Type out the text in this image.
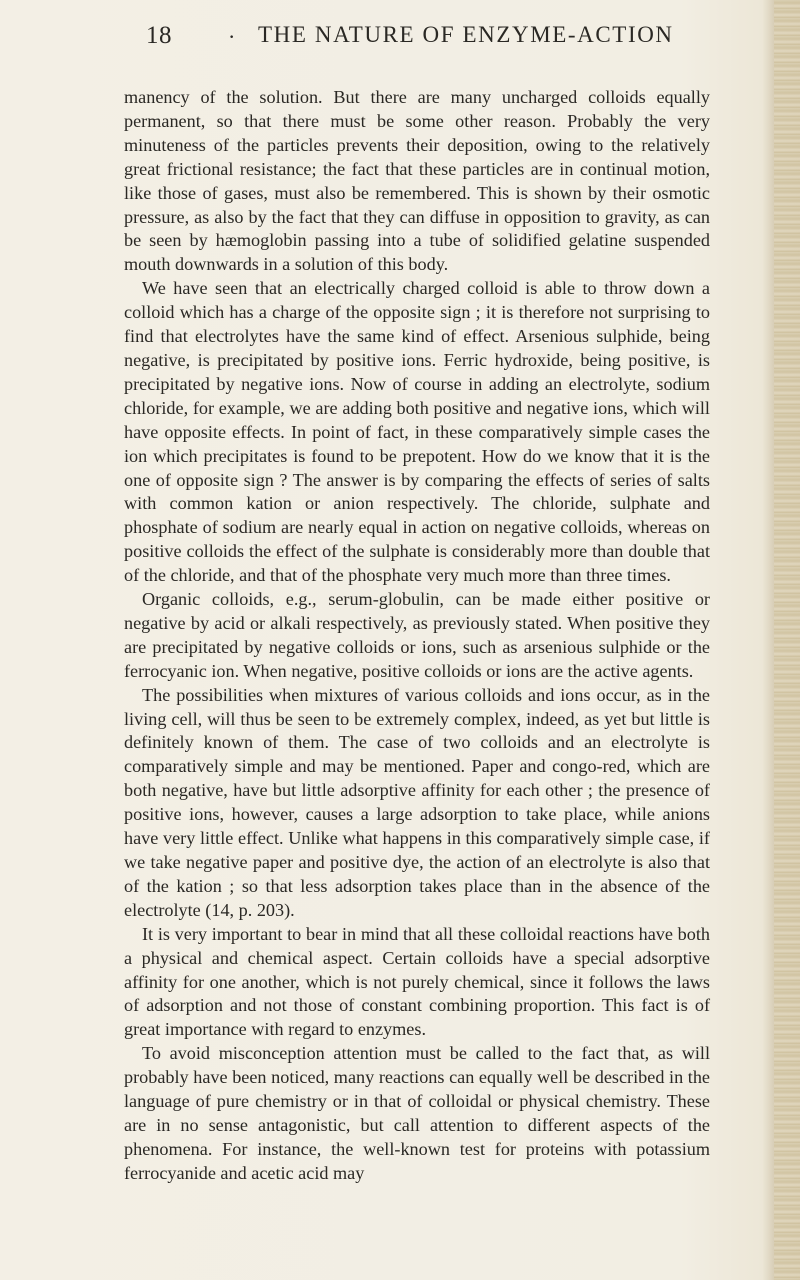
18	· THE NATURE OF ENZYME-ACTION

manency of the solution. But there are many uncharged colloids equally permanent, so that there must be some other reason. Probably the very minuteness of the particles prevents their deposition, owing to the relatively great frictional resistance; the fact that these particles are in continual motion, like those of gases, must also be remembered. This is shown by their osmotic pressure, as also by the fact that they can diffuse in opposition to gravity, as can be seen by hæmoglobin passing into a tube of solidified gelatine suspended mouth downwards in a solution of this body.

We have seen that an electrically charged colloid is able to throw down a colloid which has a charge of the opposite sign ; it is therefore not surprising to find that electrolytes have the same kind of effect. Arsenious sulphide, being negative, is precipitated by positive ions. Ferric hydroxide, being positive, is precipitated by negative ions. Now of course in adding an electrolyte, sodium chloride, for example, we are adding both positive and negative ions, which will have opposite effects. In point of fact, in these comparatively simple cases the ion which precipitates is found to be prepotent. How do we know that it is the one of opposite sign ? The answer is by comparing the effects of series of salts with common kation or anion respectively. The chloride, sulphate and phosphate of sodium are nearly equal in action on negative colloids, whereas on positive colloids the effect of the sulphate is considerably more than double that of the chloride, and that of the phosphate very much more than three times.

Organic colloids, e.g., serum-globulin, can be made either positive or negative by acid or alkali respectively, as previously stated. When positive they are precipitated by negative colloids or ions, such as arsenious sulphide or the ferrocyanic ion. When negative, positive colloids or ions are the active agents.

The possibilities when mixtures of various colloids and ions occur, as in the living cell, will thus be seen to be extremely complex, indeed, as yet but little is definitely known of them. The case of two colloids and an electrolyte is comparatively simple and may be mentioned. Paper and congo-red, which are both negative, have but little adsorptive affinity for each other ; the presence of positive ions, however, causes a large adsorption to take place, while anions have very little effect. Unlike what happens in this comparatively simple case, if we take negative paper and positive dye, the action of an electrolyte is also that of the kation ; so that less adsorption takes place than in the absence of the electrolyte (14, p. 203).

It is very important to bear in mind that all these colloidal reactions have both a physical and chemical aspect. Certain colloids have a special adsorptive affinity for one another, which is not purely chemical, since it follows the laws of adsorption and not those of constant combining proportion. This fact is of great importance with regard to enzymes.

To avoid misconception attention must be called to the fact that, as will probably have been noticed, many reactions can equally well be described in the language of pure chemistry or in that of colloidal or physical chemistry. These are in no sense antagonistic, but call attention to different aspects of the phenomena. For instance, the well-known test for proteins with potassium ferrocyanide and acetic acid may
